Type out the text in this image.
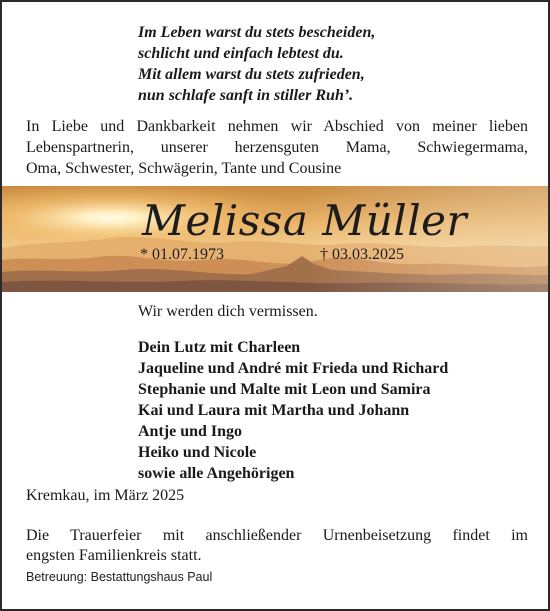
Im Leben warst du stets bescheiden,
schlicht und einfach lebtest du.
Mit allem warst du stets zufrieden,
nun schlafe sanft in stiller Ruh’.
In Liebe und Dankbarkeit nehmen wir Abschied von meiner lieben
Lebenspartnerin, unserer herzensguten Mama, Schwiegermama,
Oma, Schwester, Schwägerin, Tante und Cousine
Melissa Müller
* 01.07.1973	† 03.03.2025
Wir werden dich vermissen.
Dein Lutz mit Charleen
Jaqueline und André mit Frieda und Richard
Stephanie und Malte mit Leon und Samira
Kai und Laura mit Martha und Johann
Antje und Ingo
Heiko und Nicole
sowie alle Angehörigen
Kremkau, im März 2025
Die Trauerfeier mit anschließender Urnenbeisetzung findet im
engsten Familienkreis statt.
Betreuung: Bestattungshaus Paul
